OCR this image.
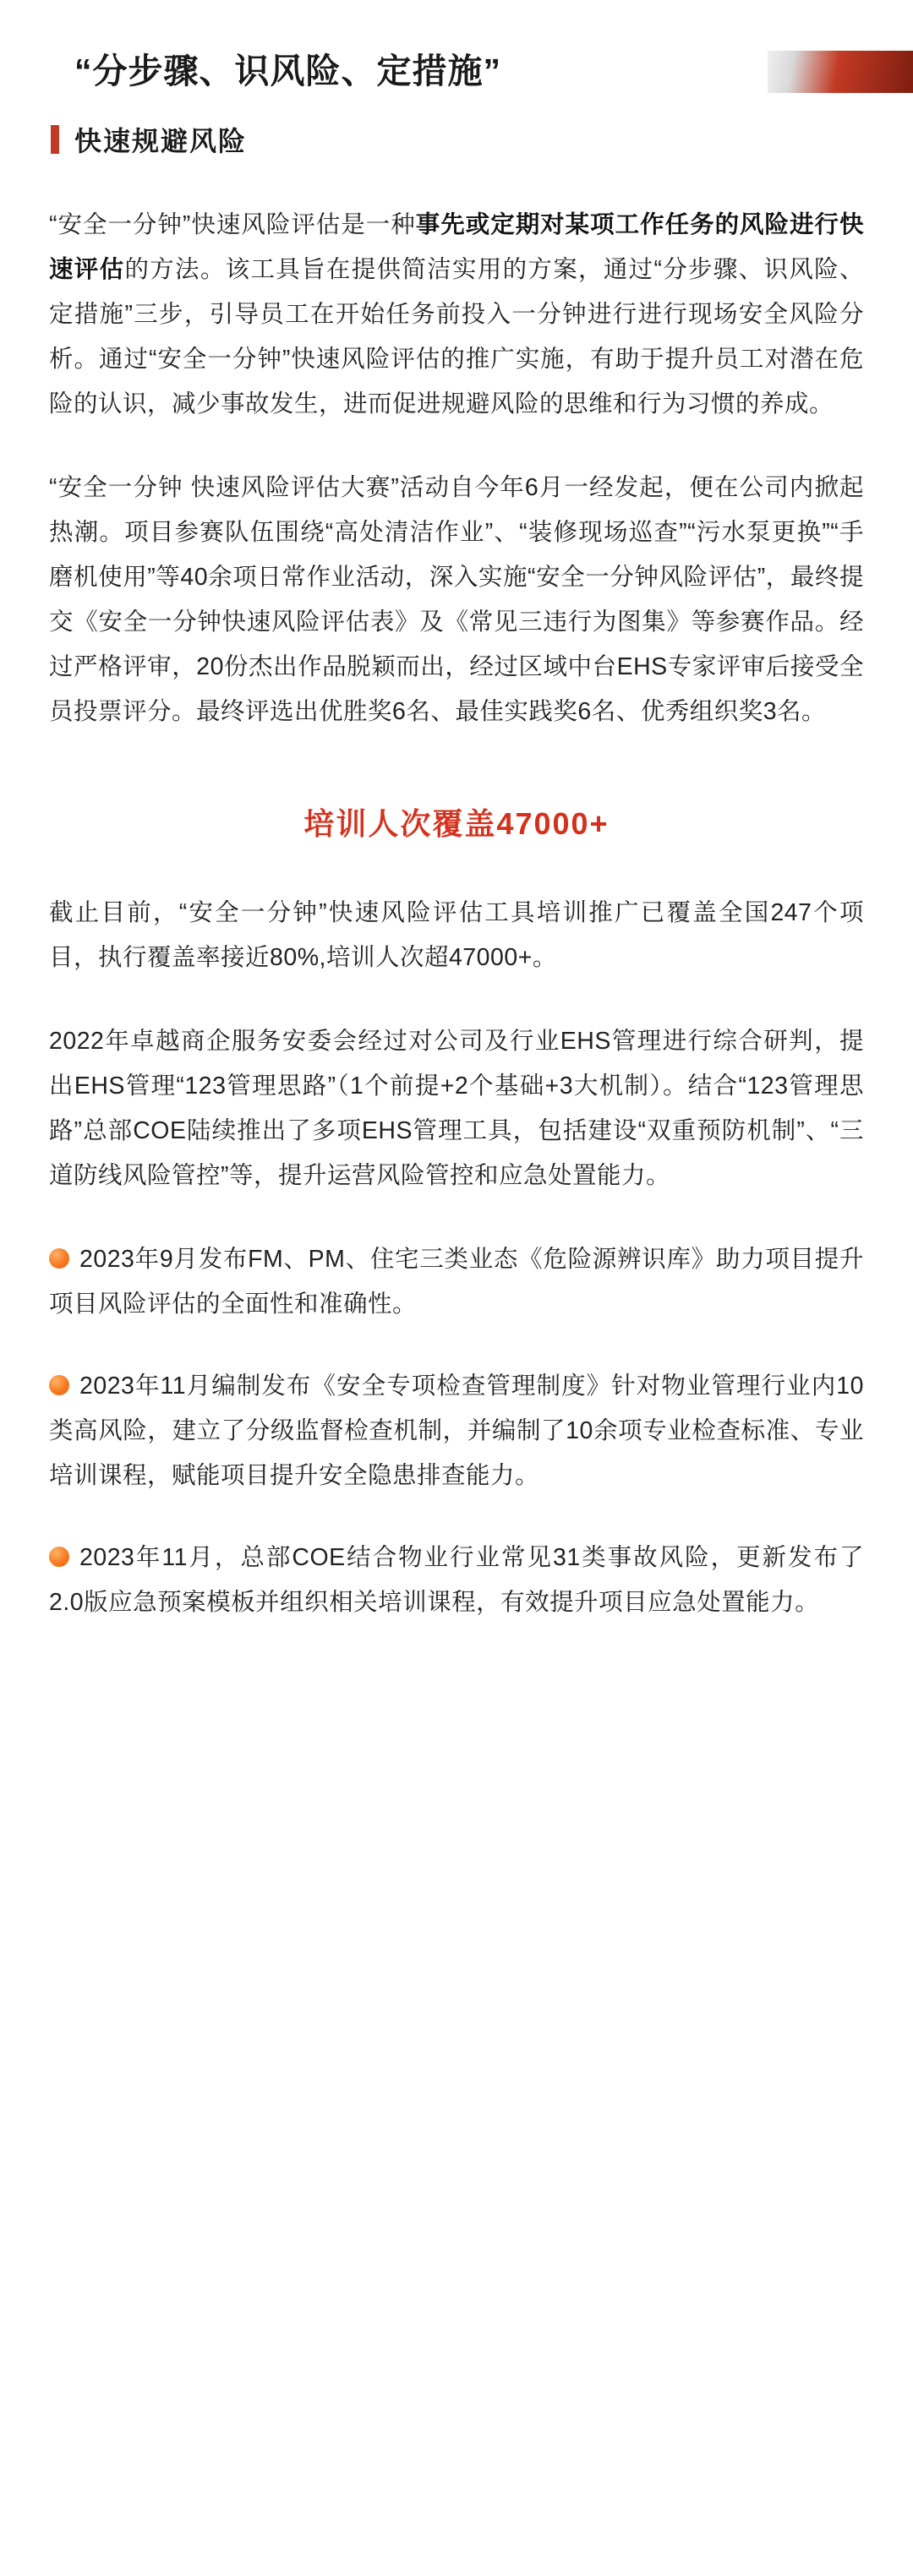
“分步骤、识风险、定措施”
快速规避风险

“安全一分钟”快速风险评估是一种事先或定期对某项工作任务的风险进行快速评估的方法。该工具旨在提供简洁实用的方案，通过“分步骤、识风险、定措施”三步，引导员工在开始任务前投入一分钟进行进行现场安全风险分析。通过“安全一分钟”快速风险评估的推广实施，有助于提升员工对潜在危险的认识，减少事故发生，进而促进规避风险的思维和行为习惯的养成。

“安全一分钟 快速风险评估大赛”活动自今年6月一经发起，便在公司内掀起热潮。项目参赛队伍围绕“高处清洁作业”、“装修现场巡查”“污水泵更换”“手磨机使用”等40余项日常作业活动，深入实施“安全一分钟风险评估”，最终提交《安全一分钟快速风险评估表》及《常见三违行为图集》等参赛作品。经过严格评审，20份杰出作品脱颖而出，经过区域中台EHS专家评审后接受全员投票评分。最终评选出优胜奖6名、最佳实践奖6名、优秀组织奖3名。

培训人次覆盖47000+

截止目前，“安全一分钟”快速风险评估工具培训推广已覆盖全国247个项目，执行覆盖率接近80%,培训人次超47000+。

2022年卓越商企服务安委会经过对公司及行业EHS管理进行综合研判，提出EHS管理“123管理思路”（1个前提+2个基础+3大机制）。结合“123管理思路”总部COE陆续推出了多项EHS管理工具，包括建设“双重预防机制”、“三道防线风险管控”等，提升运营风险管控和应急处置能力。

2023年9月发布FM、PM、住宅三类业态《危险源辨识库》助力项目提升项目风险评估的全面性和准确性。

2023年11月编制发布《安全专项检查管理制度》针对物业管理行业内10类高风险，建立了分级监督检查机制，并编制了10余项专业检查标准、专业培训课程，赋能项目提升安全隐患排查能力。

2023年11月，总部COE结合物业行业常见31类事故风险，更新发布了2.0版应急预案模板并组织相关培训课程，有效提升项目应急处置能力。
